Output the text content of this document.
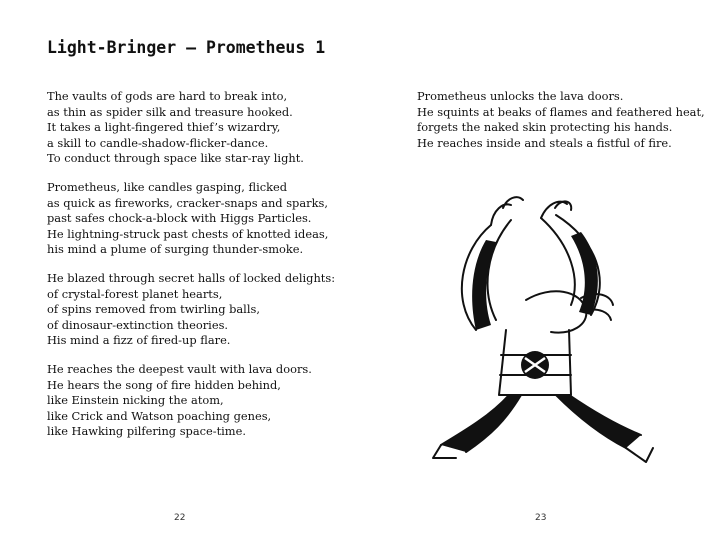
Light-Bringer – Prometheus 1
The vaults of gods are hard to break into,
as thin as spider silk and treasure hooked.
It takes a light-fingered thief’s wizardry,
a skill to candle-shadow-flicker-dance.
To conduct through space like star-ray light.
Prometheus, like candles gasping, flicked
as quick as fireworks, cracker-snaps and sparks,
past safes chock-a-block with Higgs Particles.
He lightning-struck past chests of knotted ideas,
his mind a plume of surging thunder-smoke.
He blazed through secret halls of locked delights:
of crystal-forest planet hearts,
of spins removed from twirling balls,
of dinosaur-extinction theories.
His mind a fizz of fired-up flare.
He reaches the deepest vault with lava doors.
He hears the song of fire hidden behind,
like Einstein nicking the atom,
like Crick and Watson poaching genes,
like Hawking pilfering space-time.
22
Prometheus unlocks the lava doors.
He squints at beaks of flames and feathered heat,
forgets the naked skin protecting his hands.
He reaches inside and steals a fistful of fire.
23
